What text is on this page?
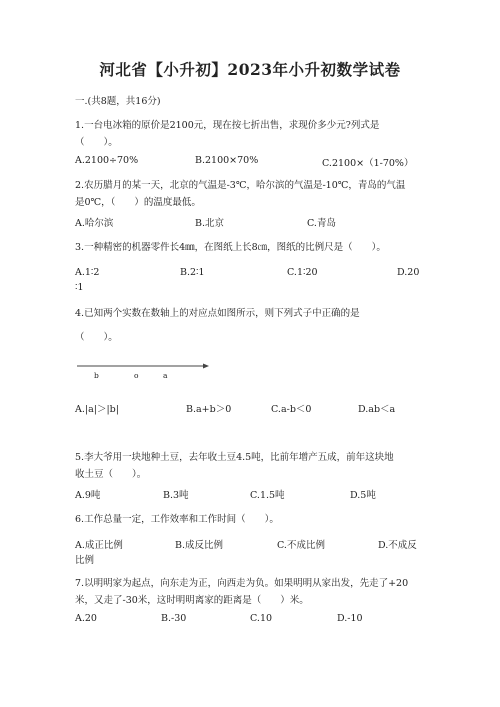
河北省【小升初】2023年小升初数学试卷
一.(共8题，共16分)
1.一台电冰箱的原价是2100元，现在按七折出售，求现价多少元?列式是
（　　）。
A.2100÷70%	B.2100×70%	C.2100×（1-70%）
2.农历腊月的某一天，北京的气温是-3℃，哈尔滨的气温是-10℃，青岛的气温
是0℃，（　　）的温度最低。
A.哈尔滨	B.北京	C.青岛
3.一种精密的机器零件长4㎜，在图纸上长8㎝，图纸的比例尺是（　　）。
A.1∶2	B.2∶1	C.1∶20	D.20
∶1
4.已知两个实数在数轴上的对应点如图所示，则下列式子中正确的是
（　　）。
b	o	a
A.|a|＞|b|	B.a+b＞0	C.a-b＜0	D.ab＜a
5.李大爷用一块地种土豆，去年收土豆4.5吨，比前年增产五成，前年这块地
收土豆（　　）。
A.9吨	B.3吨	C.1.5吨	D.5吨
6.工作总量一定，工作效率和工作时间（　　）。
A.成正比例	B.成反比例	C.不成比例	D.不成反
比例
7.以明明家为起点，向东走为正，向西走为负。如果明明从家出发，先走了+20
米，又走了-30米，这时明明离家的距离是（　　）米。
A.20	B.-30	C.10	D.-10
